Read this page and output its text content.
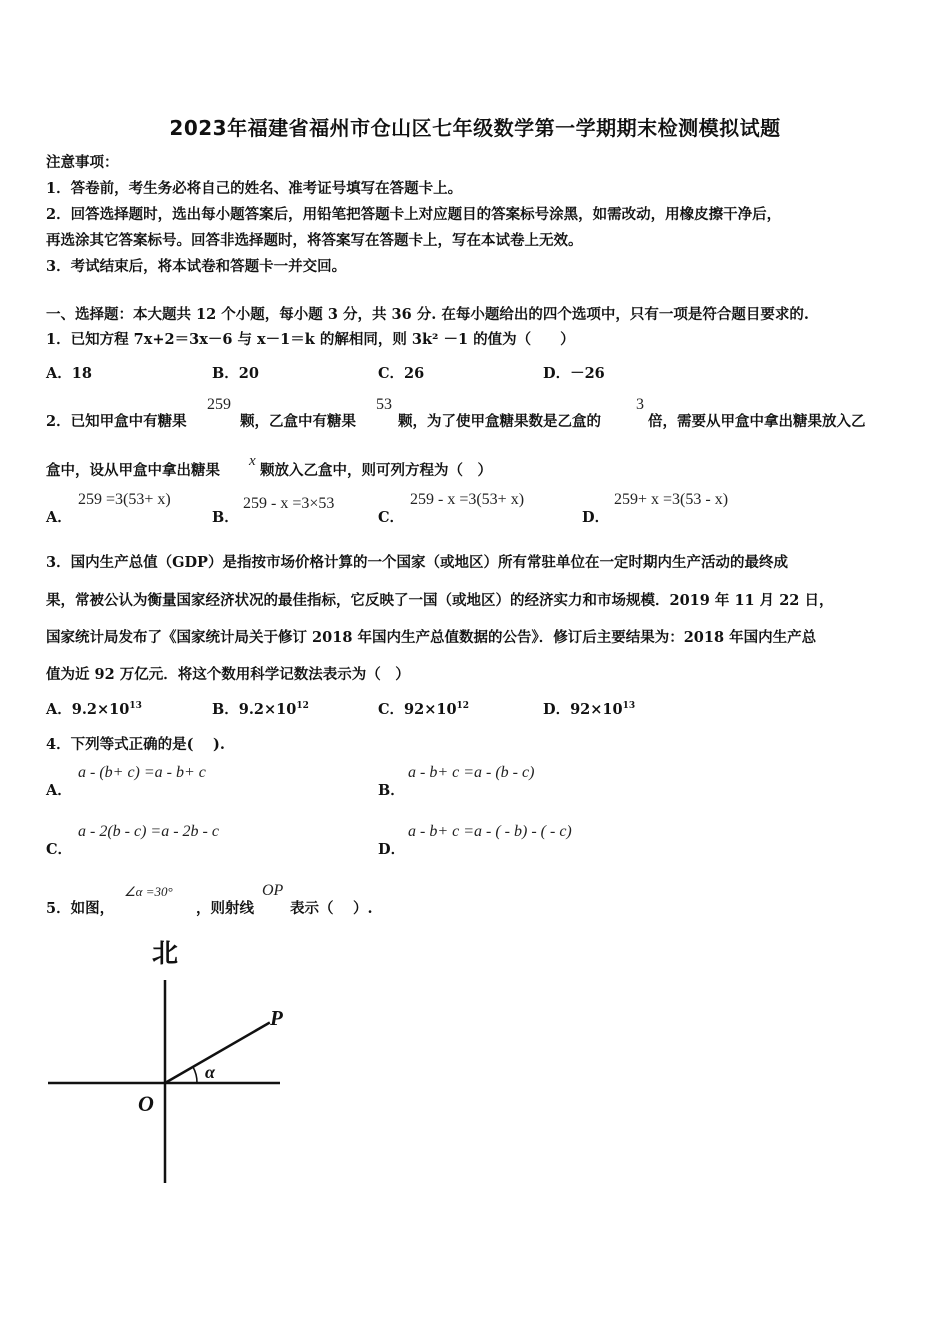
2023年福建省福州市仓山区七年级数学第一学期期末检测模拟试题
注意事项：
1．答卷前，考生务必将自己的姓名、准考证号填写在答题卡上。
2．回答选择题时，选出每小题答案后，用铅笔把答题卡上对应题目的答案标号涂黑，如需改动，用橡皮擦干净后，
再选涂其它答案标号。回答非选择题时，将答案写在答题卡上，写在本试卷上无效。
3．考试结束后，将本试卷和答题卡一并交回。
一、选择题：本大题共 12 个小题，每小题 3 分，共 36 分. 在每小题给出的四个选项中，只有一项是符合题目要求的.
1．已知方程 7x+2＝3x－6 与 x－1＝k 的解相同，则 3k² －1 的值为（　　）
A．18	B．20	C．26	D．－26
2．已知甲盒中有糖果
259
颗，乙盒中有糖果
53
颗，为了使甲盒糖果数是乙盒的
3
倍，需要从甲盒中拿出糖果放入乙
盒中，设从甲盒中拿出糖果
x
颗放入乙盒中，则可列方程为（　）
A．
259 =3(53+ x)
B．
259 - x =3×53
C．
259 - x =3(53+ x)
D．
259+ x =3(53 - x)
3．国内生产总值（GDP）是指按市场价格计算的一个国家（或地区）所有常驻单位在一定时期内生产活动的最终成
果，常被公认为衡量国家经济状况的最佳指标，它反映了一国（或地区）的经济实力和市场规模．2019 年 11 月 22 日，
国家统计局发布了《国家统计局关于修订 2018 年国内生产总值数据的公告》．修订后主要结果为：2018 年国内生产总
值为近 92 万亿元．将这个数用科学记数法表示为（　）
A．$9.2\times 10^{13}$	B．$9.2\times 10^{12}$	C．$92\times 10^{12}$	D．$92\times 10^{13}$
4．下列等式正确的是(　 ).
A．
a - (b+ c) =a - b+ c
B．
a - b+ c =a - (b - c)
C．
a - 2(b - c) =a - 2b - c
D．
a - b+ c =a - ( - b) - ( - c)
5．如图，
∠α =30°
，则射线
OP
表示（　 ）.
北
P
O
α
